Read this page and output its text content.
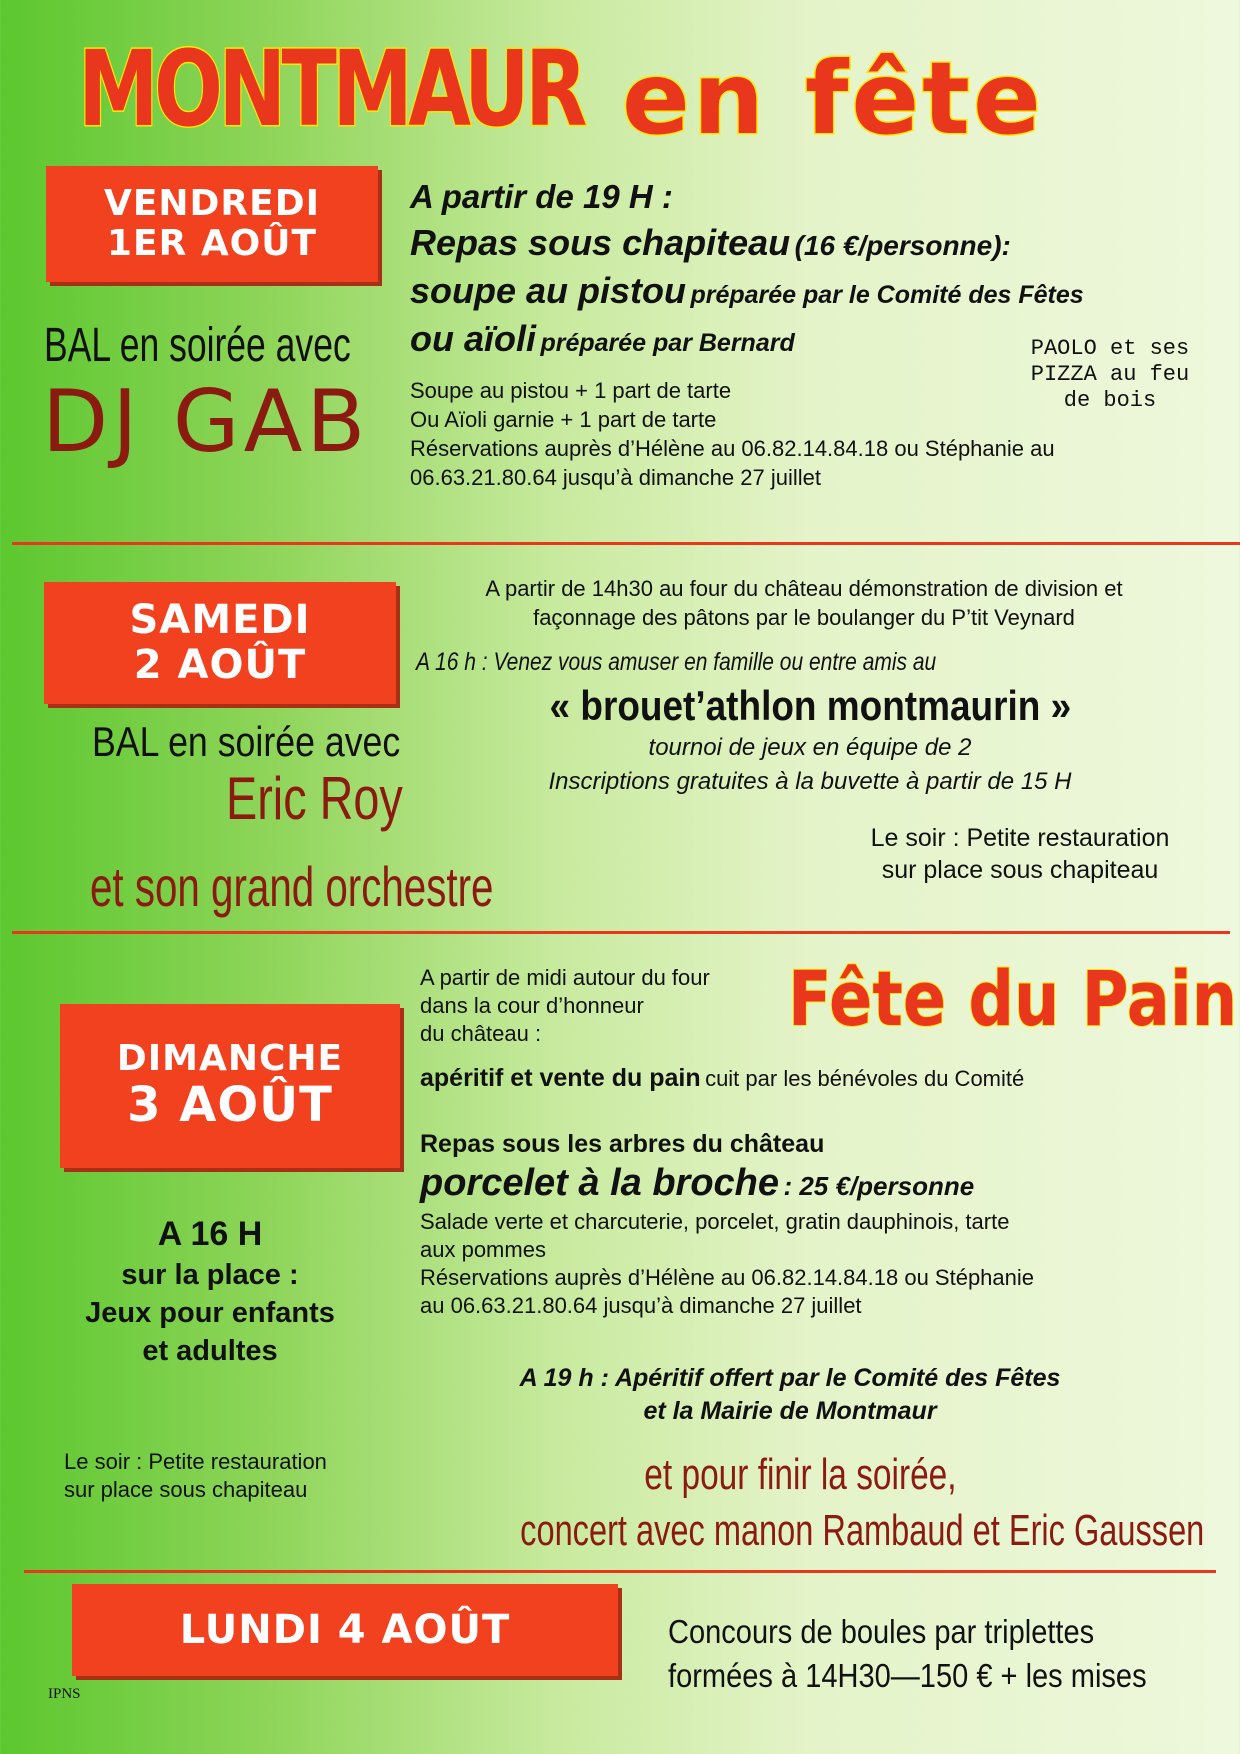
MONTMAUR en fête
VENDREDI
1ER AOÛT
BAL en soirée avec
DJ GAB
A partir de 19 H :
Repas sous chapiteau (16 €/personne):
soupe au pistou préparée par le Comité des Fêtes
ou aïoli préparée par Bernard	PAOLO et ses
PIZZA au feu
de bois
Soupe au pistou + 1 part de tarte
Ou Aïoli garnie + 1 part de tarte
Réservations auprès d’Hélène au 06.82.14.84.18 ou Stéphanie au
06.63.21.80.64 jusqu’à dimanche 27 juillet
SAMEDI
2 AOÛT
BAL en soirée avec
Eric Roy
et son grand orchestre
A partir de 14h30 au four du château démonstration de division et
façonnage des pâtons par le boulanger du P’tit Veynard
A 16 h : Venez vous amuser en famille ou entre amis au
« brouet’athlon montmaurin »
tournoi de jeux en équipe de 2
Inscriptions gratuites à la buvette à partir de 15 H
Le soir : Petite restauration
sur place sous chapiteau
DIMANCHE
3 AOÛT
A partir de midi autour du four
dans la cour d’honneur
du château :	Fête du Pain
apéritif et vente du pain cuit par les bénévoles du Comité
Repas sous les arbres du château
porcelet à la broche : 25 €/personne
Salade verte et charcuterie, porcelet, gratin dauphinois, tarte
aux pommes
Réservations auprès d’Hélène au 06.82.14.84.18 ou Stéphanie
au 06.63.21.80.64 jusqu’à dimanche 27 juillet
A 16 H
sur la place :
Jeux pour enfants
et adultes
Le soir : Petite restauration
sur place sous chapiteau
A 19 h : Apéritif offert par le Comité des Fêtes
et la Mairie de Montmaur
et pour finir la soirée,
concert avec manon Rambaud et Eric Gaussen
LUNDI 4 AOÛT	Concours de boules par triplettes
formées à 14H30—150 € + les mises
IPNS
